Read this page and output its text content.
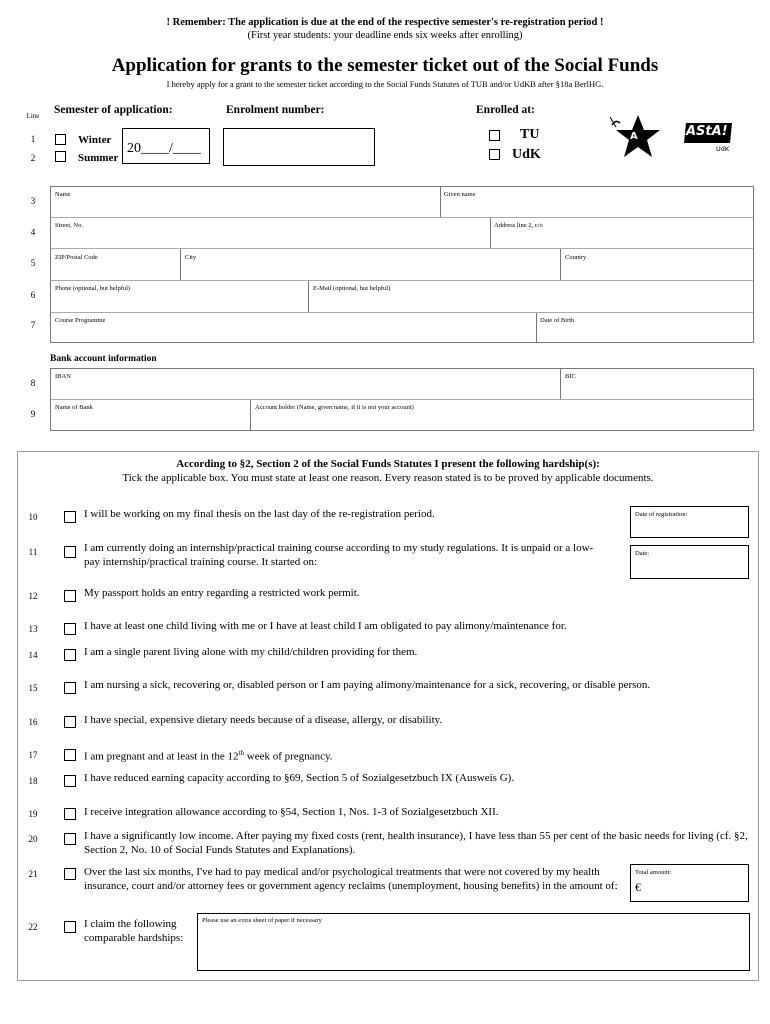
! Remember: The application is due at the end of the respective semester's re-registration period !
(First year students: your deadline ends six weeks after enrolling)
Application for grants to the semester ticket out of the Social Funds
I hereby apply for a grant to the semester ticket according to the Social Funds Statutes of TUB and/or UdKB after §18a BerlHG.
Line	Semester of application:	Enrolment number:	Enrolled at:
1
2
Winter
Summer
20____/____
TU
UdK
A	AStA!
UdK
3
4
5
6
7
Name	Given name
Street, No.	Address line 2, c/o
ZIP/Postal Code	City	Country
Phone (optional, but helpful)	E-Mail (optional, but helpful)
Course Programme	Date of Birth
Bank account information
8
9
IBAN	BIC
Name of Bank	Account holder (Name, given name, if it is not your account)
According to §2, Section 2 of the Social Funds Statutes I present the following hardship(s):
Tick the applicable box. You must state at least one reason. Every reason stated is to be proved by applicable documents.
10	I will be working on my final thesis on the last day of the re-registration period.	Date of registration:
11	I am currently doing an internship/practical training course according to my study regulations. It is unpaid or a low-pay internship/practical training course. It started on:
Date:
12	My passport holds an entry regarding a restricted work permit.
13	I have at least one child living with me or I have at least child I am obligated to pay alimony/maintenance for.
14	I am a single parent living alone with my child/children providing for them.
15	I am nursing a sick, recovering or, disabled person or I am paying alimony/maintenance for a sick, recovering, or disable person.
16	I have special, expensive dietary needs because of a disease, allergy, or disability.
17	I am pregnant and at least in the 12th week of pregnancy.
18	I have reduced earning capacity according to §69, Section 5 of Sozialgesetzbuch IX (Ausweis G).
19	I receive integration allowance according to §54, Section 1, Nos. 1-3 of Sozialgesetzbuch XII.
20	I have a significantly low income. After paying my fixed costs (rent, health insurance), I have less than 55 per cent of the basic needs for living (cf. §2, Section 2, No. 10 of Social Funds Statutes and Explanations).
21	Over the last six months, I've had to pay medical and/or psychological treatments that were not covered by my health insurance, court and/or attorney fees or government agency reclaims (unemployment, housing benefits) in the amount of:
Total amount:
€
22	I claim the following comparable hardships:
Please use an extra sheet of paper if necessary
